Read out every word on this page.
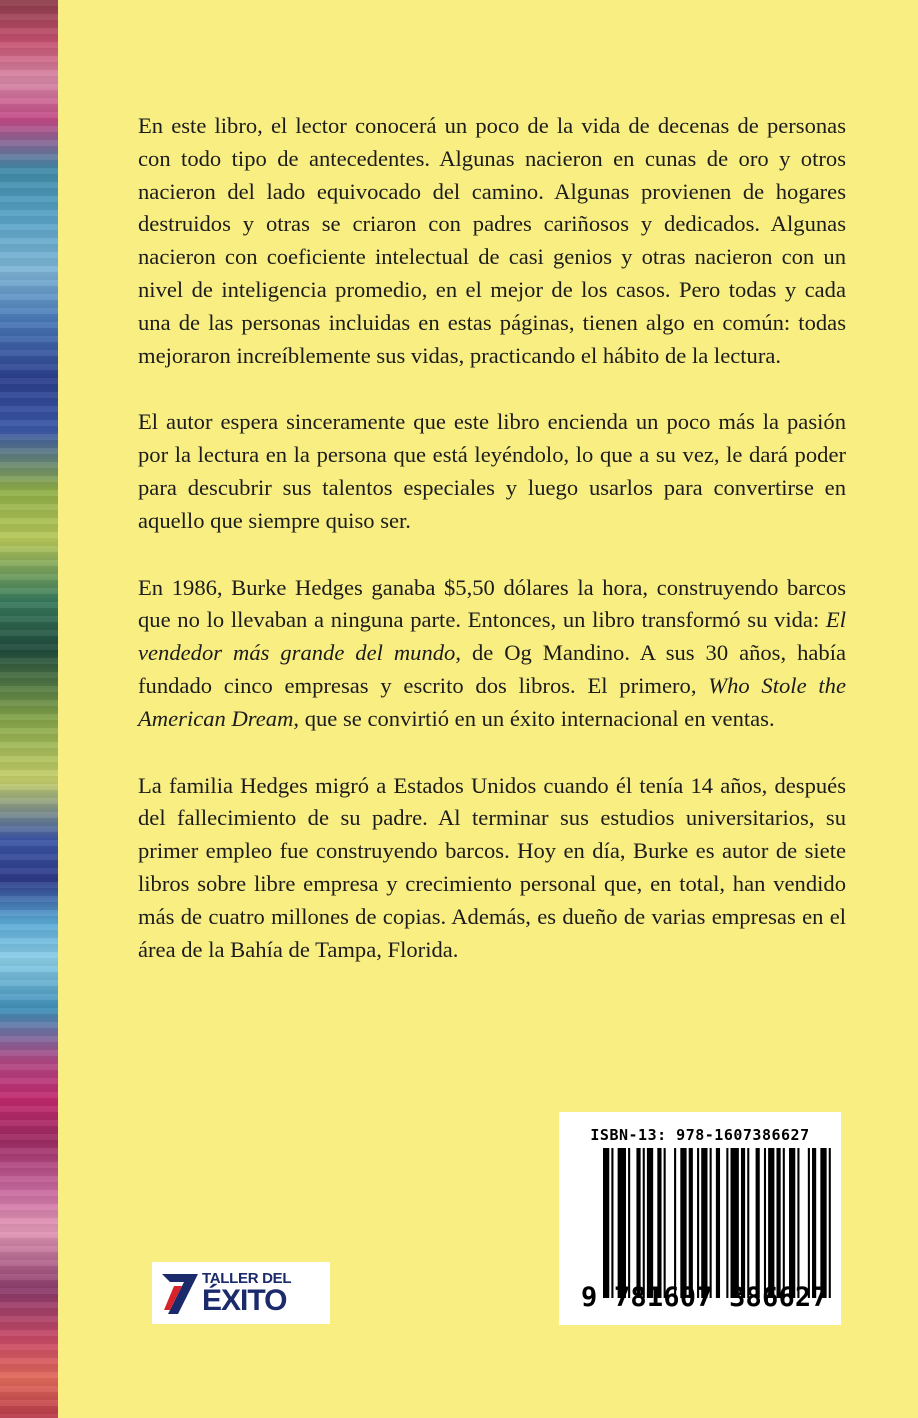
En este libro, el lector conocerá un poco de la vida de decenas de personas con todo tipo de antecedentes. Algunas nacieron en cunas de oro y otros nacieron del lado equivocado del camino. Algunas provienen de hogares destruidos y otras se criaron con padres cariñosos y dedicados. Algunas nacieron con coeficiente intelectual de casi genios y otras nacieron con un nivel de inteligencia promedio, en el mejor de los casos. Pero todas y cada una de las personas incluidas en estas páginas, tienen algo en común: todas mejoraron increíblemente sus vidas, practicando el hábito de la lectura.

El autor espera sinceramente que este libro encienda un poco más la pasión por la lectura en la persona que está leyéndolo, lo que a su vez, le dará poder para descubrir sus talentos especiales y luego usarlos para convertirse en aquello que siempre quiso ser.

En 1986, Burke Hedges ganaba $5,50 dólares la hora, construyendo barcos que no lo llevaban a ninguna parte. Entonces, un libro transformó su vida: El vendedor más grande del mundo, de Og Mandino. A sus 30 años, había fundado cinco empresas y escrito dos libros. El primero, Who Stole the American Dream, que se convirtió en un éxito internacional en ventas.

La familia Hedges migró a Estados Unidos cuando él tenía 14 años, después del fallecimiento de su padre. Al terminar sus estudios universitarios, su primer empleo fue construyendo barcos. Hoy en día, Burke es autor de siete libros sobre libre empresa y crecimiento personal que, en total, han vendido más de cuatro millones de copias. Además, es dueño de varias empresas en el área de la Bahía de Tampa, Florida.

TALLER DEL
ÉXITO
ISBN-13: 978-1607386627
9 781607 386627
